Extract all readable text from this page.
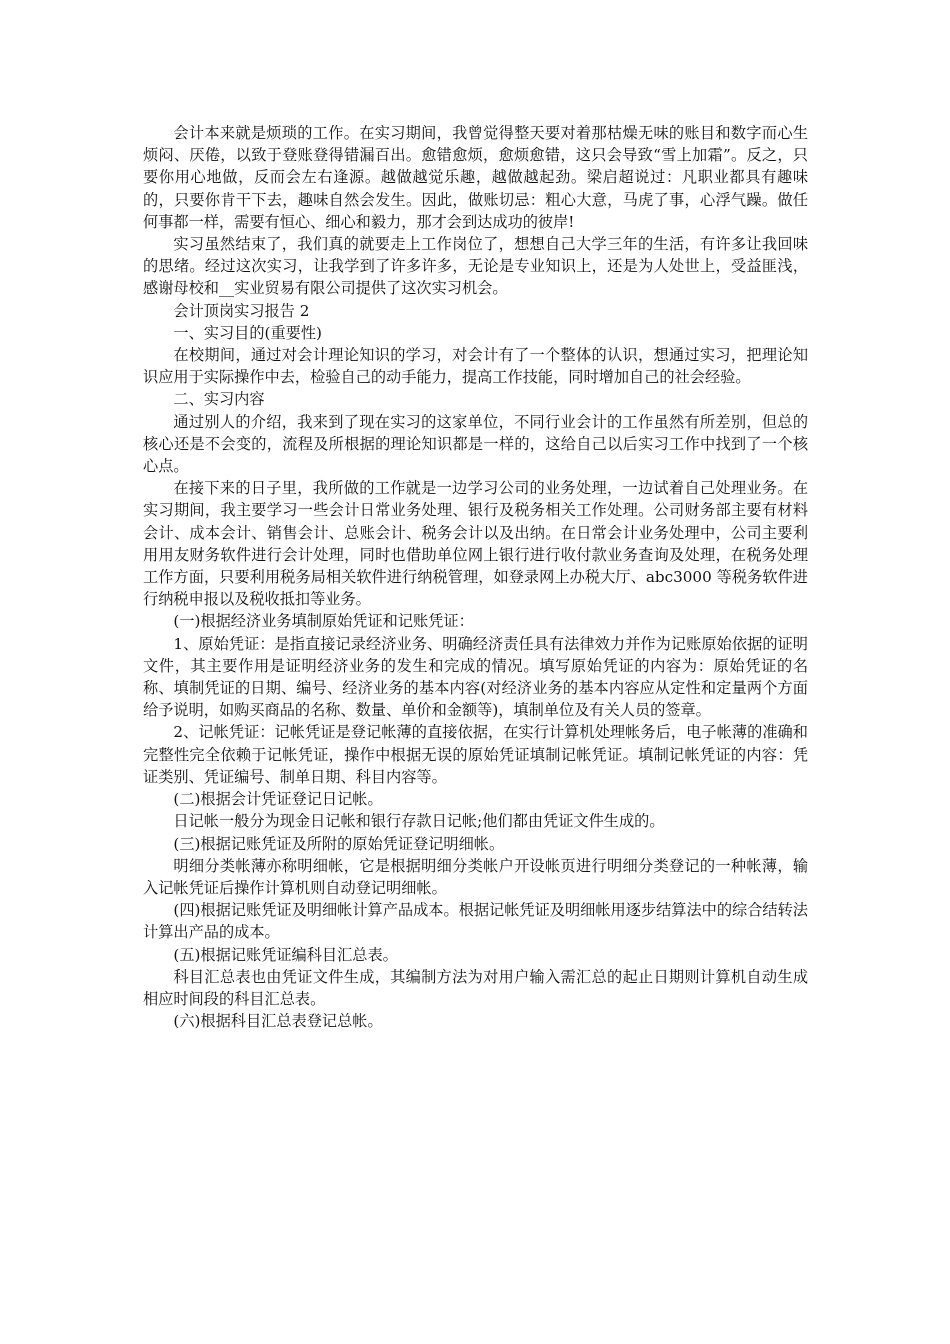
会计本来就是烦琐的工作。在实习期间，我曾觉得整天要对着那枯燥无味的账目和数字而心生烦闷、厌倦，以致于登账登得错漏百出。愈错愈烦，愈烦愈错，这只会导致“雪上加霜”。反之，只要你用心地做，反而会左右逢源。越做越觉乐趣，越做越起劲。梁启超说过：凡职业都具有趣味的，只要你肯干下去，趣味自然会发生。因此，做账切忌：粗心大意，马虎了事，心浮气躁。做任何事都一样，需要有恒心、细心和毅力，那才会到达成功的彼岸!

实习虽然结束了，我们真的就要走上工作岗位了，想想自己大学三年的生活，有许多让我回味的思绪。经过这次实习，让我学到了许多许多，无论是专业知识上，还是为人处世上，受益匪浅，感谢母校和__实业贸易有限公司提供了这次实习机会。

会计顶岗实习报告 2

一、实习目的(重要性)

在校期间，通过对会计理论知识的学习，对会计有了一个整体的认识，想通过实习，把理论知识应用于实际操作中去，检验自己的动手能力，提高工作技能，同时增加自己的社会经验。

二、实习内容

通过别人的介绍，我来到了现在实习的这家单位，不同行业会计的工作虽然有所差别，但总的核心还是不会变的，流程及所根据的理论知识都是一样的，这给自己以后实习工作中找到了一个核心点。

在接下来的日子里，我所做的工作就是一边学习公司的业务处理，一边试着自己处理业务。在实习期间，我主要学习一些会计日常业务处理、银行及税务相关工作处理。公司财务部主要有材料会计、成本会计、销售会计、总账会计、税务会计以及出纳。在日常会计业务处理中，公司主要利用用友财务软件进行会计处理，同时也借助单位网上银行进行收付款业务查询及处理，在税务处理工作方面，只要利用税务局相关软件进行纳税管理，如登录网上办税大厅、abc3000 等税务软件进行纳税申报以及税收抵扣等业务。

(一)根据经济业务填制原始凭证和记账凭证：

1、原始凭证：是指直接记录经济业务、明确经济责任具有法律效力并作为记账原始依据的证明文件，其主要作用是证明经济业务的发生和完成的情况。填写原始凭证的内容为：原始凭证的名称、填制凭证的日期、编号、经济业务的基本内容(对经济业务的基本内容应从定性和定量两个方面给予说明，如购买商品的名称、数量、单价和金额等)，填制单位及有关人员的签章。

2、记帐凭证：记帐凭证是登记帐薄的直接依据，在实行计算机处理帐务后，电子帐薄的准确和完整性完全依赖于记帐凭证，操作中根据无误的原始凭证填制记帐凭证。填制记帐凭证的内容：凭证类别、凭证编号、制单日期、科目内容等。

(二)根据会计凭证登记日记帐。

日记帐一般分为现金日记帐和银行存款日记帐;他们都由凭证文件生成的。

(三)根据记账凭证及所附的原始凭证登记明细帐。

明细分类帐薄亦称明细帐，它是根据明细分类帐户开设帐页进行明细分类登记的一种帐薄，输入记帐凭证后操作计算机则自动登记明细帐。

(四)根据记账凭证及明细帐计算产品成本。根据记帐凭证及明细帐用逐步结算法中的综合结转法计算出产品的成本。

(五)根据记账凭证编科目汇总表。

科目汇总表也由凭证文件生成，其编制方法为对用户输入需汇总的起止日期则计算机自动生成相应时间段的科目汇总表。

(六)根据科目汇总表登记总帐。
